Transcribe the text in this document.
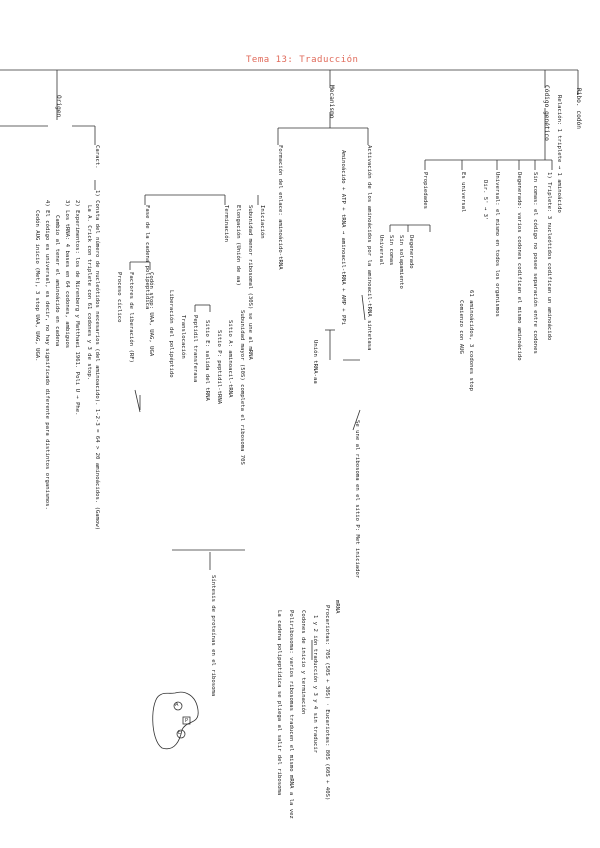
Tema 13: Traducción
Origen	Mecanismo	Código genético	Ribo. codón
Caract.
1) Consta del número de nucleótidos necesarios (del aminoacido). 1-2-3 = 64 > 20 aminoácidos. (Gamow)
La A. Crick con triplete con 61 codones y 3 de stop.
2) Experimentos: los de Nirenberg y Matthaei 1961. Poli U → Phe.
3) Los tRNA: 4 bases en 64 codones, ambiguos
Cambio al tener el aminoácido en cadena
4) El código es universal, es decir, no hay significado diferente para distintos organismos.
Codón AUG inicio (Met), 3 stop UAA, UAG, UGA.
Relación: 1 triplete → 1 aminoácido
1) Triplete: 3 nucleótidos codifican un aminoácido
Sin comas: el código no posee separación entre codones
Degenerado: varios codones codifican el mismo aminoácido
Universal: el mismo en todos los organismos
Dir. 5' → 3'
Es universal
Propiedades
Degenerado
Sin solapamiento
Sin comas
Universal
61 aminoácidos, 3 codones stop
Comienzo con AUG
Activación de los aminoácidos por la aminoacil-tRNA sintetasa
Aminoácido + ATP + tRNA → aminoacil-tRNA + AMP + PPi
Formación del enlace: aminoácido-tRNA
Iniciación
Subunidad menor ribosomal (30S) se une al mRNA
Elongación (Unión de aa)
Terminación
Fase de la cadena polipeptídica
Subunidad mayor (50S) completa el ribosoma 70S
Sitio A: aminoacil-tRNA
Sitio P: peptidil-tRNA
Sitio E: salida del tRNA
Peptidil transferasa
Translocación
Liberación del polipéptido
Codón stop: UAA, UAG, UGA
Factores de liberación (RF)
Proceso cíclico
Unión tRNA-aa
Se une al ribosoma en el sitio P: Met iniciador
Síntesis de proteínas en el ribosoma	mRNA
Procariotas: 70S (50S + 30S) · Eucariotas: 80S (60S + 40S)
1 y 2 ión traducción y 3 y 4 sin traducir
Codones de inicio y terminación
Poliribosoma: varios ribosomas traducen el mismo mRNA a la vez
La cadena polipeptídica se pliega al salir del ribosoma
A
P
E
